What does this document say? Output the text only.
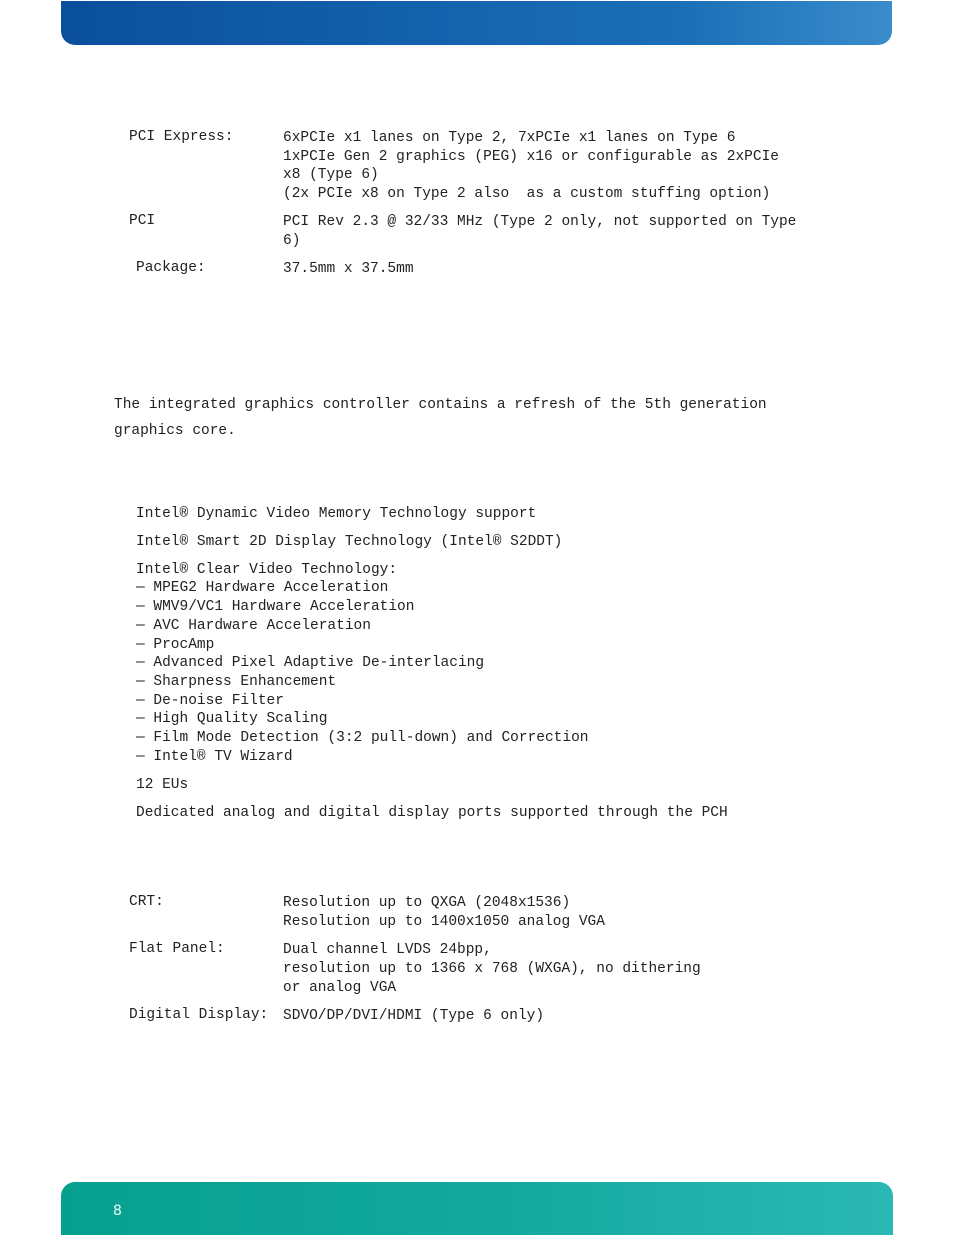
PCI Express:	6xPCIe x1 lanes on Type 2, 7xPCIe x1 lanes on Type 6
1xPCIe Gen 2 graphics (PEG) x16 or configurable as 2xPCIe
x8 (Type 6)
(2x PCIe x8 on Type 2 also  as a custom stuffing option)
PCI	PCI Rev 2.3 @ 32/33 MHz (Type 2 only, not supported on Type
6)
Package:	37.5mm x 37.5mm
The integrated graphics controller contains a refresh of the 5th generation graphics core.
Intel® Dynamic Video Memory Technology support
Intel® Smart 2D Display Technology (Intel® S2DDT)
Intel® Clear Video Technology:
— MPEG2 Hardware Acceleration
— WMV9/VC1 Hardware Acceleration
— AVC Hardware Acceleration
— ProcAmp
— Advanced Pixel Adaptive De-interlacing
— Sharpness Enhancement
— De-noise Filter
— High Quality Scaling
— Film Mode Detection (3:2 pull-down) and Correction
— Intel® TV Wizard
12 EUs
Dedicated analog and digital display ports supported through the PCH
CRT:	Resolution up to QXGA (2048x1536)
Resolution up to 1400x1050 analog VGA
Flat Panel:	Dual channel LVDS 24bpp,
resolution up to 1366 x 768 (WXGA), no dithering
or analog VGA
Digital Display: SDVO/DP/DVI/HDMI (Type 6 only)
8
